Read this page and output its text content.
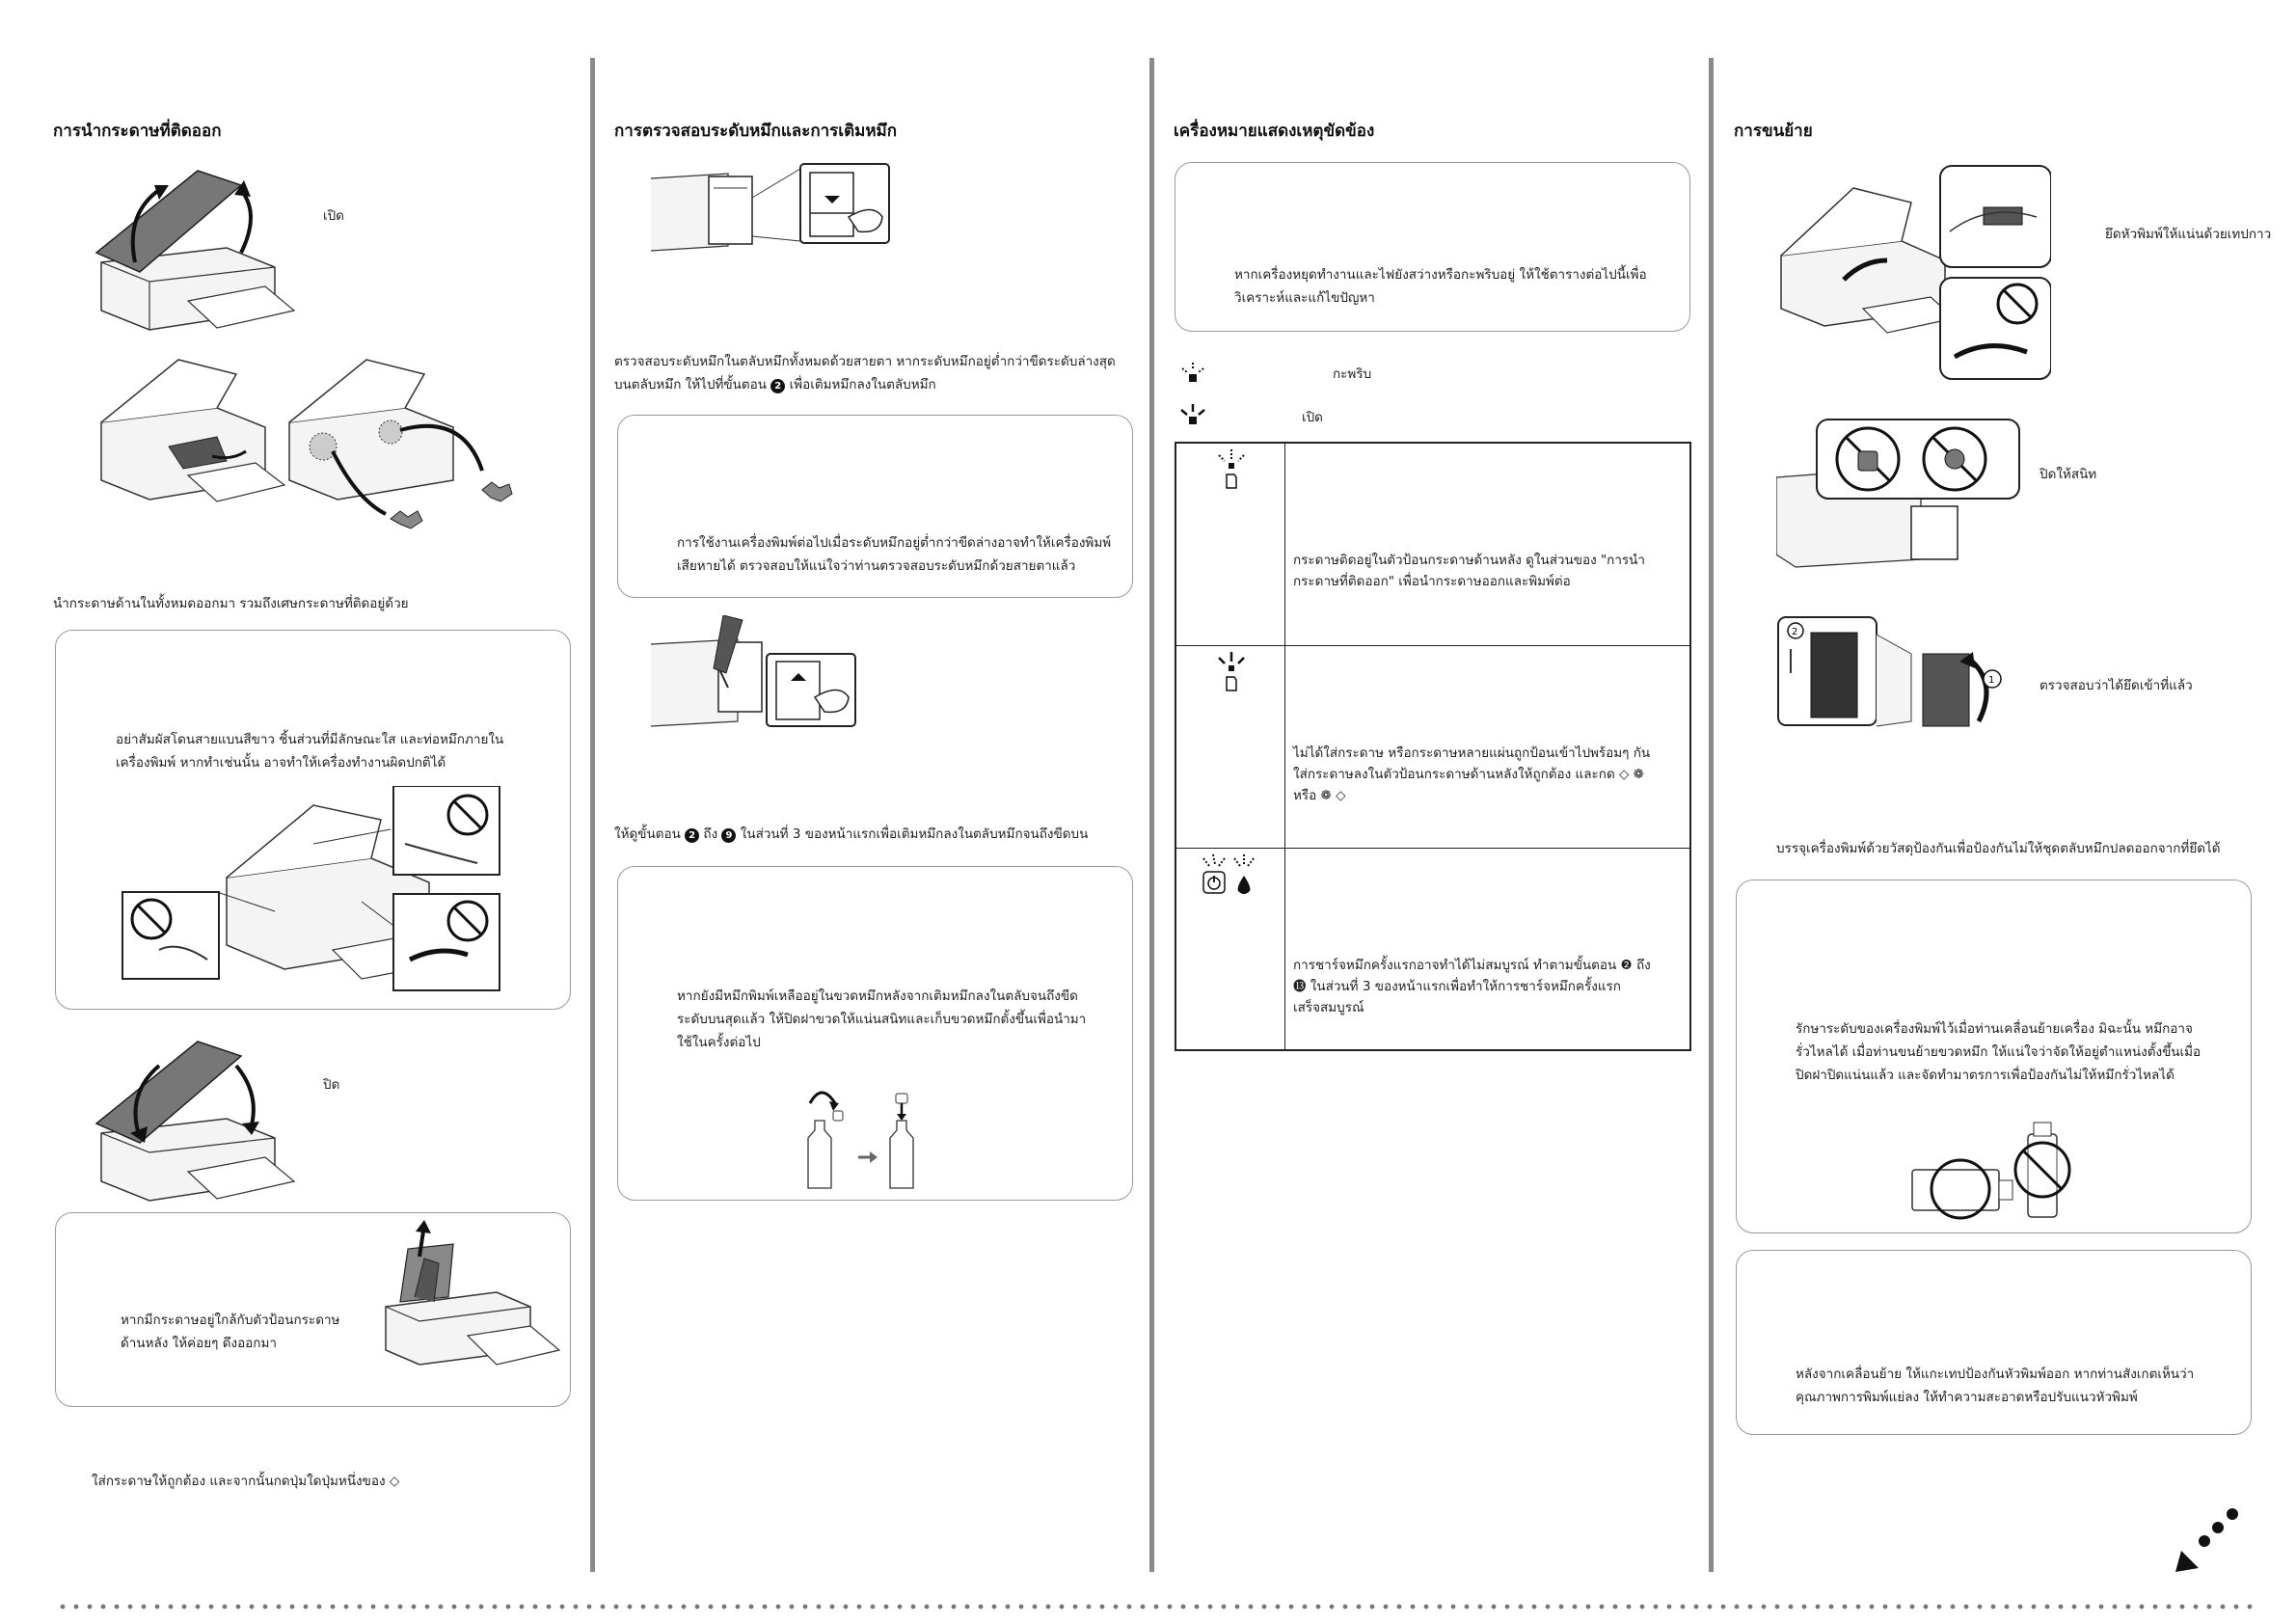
การนำกระดาษที่ติดออก
เปิด
นำกระดาษด้านในทั้งหมดออกมา รวมถึงเศษกระดาษที่ติดอยู่ด้วย
อย่าสัมผัสโดนสายแบนสีขาว ชิ้นส่วนที่มีลักษณะใส และท่อหมึกภายใน
เครื่องพิมพ์ หากทำเช่นนั้น อาจทำให้เครื่องทำงานผิดปกติได้
ปิด
หากมีกระดาษอยู่ใกล้กับตัวป้อนกระดาษ
ด้านหลัง ให้ค่อยๆ ดึงออกมา
ใส่กระดาษให้ถูกต้อง และจากนั้นกดปุ่มใดปุ่มหนึ่งของ ◇
การตรวจสอบระดับหมึกและการเติมหมึก
ตรวจสอบระดับหมึกในตลับหมึกทั้งหมดด้วยสายตา หากระดับหมึกอยู่ต่ำกว่าขีดระดับล่างสุด
บนตลับหมึก ให้ไปที่ขั้นตอน 2 เพื่อเติมหมึกลงในตลับหมึก
การใช้งานเครื่องพิมพ์ต่อไปเมื่อระดับหมึกอยู่ต่ำกว่าขีดล่างอาจทำให้เครื่องพิมพ์
เสียหายได้ ตรวจสอบให้แน่ใจว่าท่านตรวจสอบระดับหมึกด้วยสายตาแล้ว
ให้ดูขั้นตอน 2 ถึง 9 ในส่วนที่ 3 ของหน้าแรกเพื่อเติมหมึกลงในตลับหมึกจนถึงขีดบน
หากยังมีหมึกพิมพ์เหลืออยู่ในขวดหมึกหลังจากเติมหมึกลงในตลับจนถึงขีด
ระดับบนสุดแล้ว ให้ปิดฝาขวดให้แน่นสนิทและเก็บขวดหมึกตั้งขึ้นเพื่อนำมา
ใช้ในครั้งต่อไป
เครื่องหมายแสดงเหตุขัดข้อง
หากเครื่องหยุดทำงานและไฟยังสว่างหรือกะพริบอยู่ ให้ใช้ตารางต่อไปนี้เพื่อ
วิเคราะห์และแก้ไขปัญหา
กะพริบ
เปิด

กระดาษติดอยู่ในตัวป้อนกระดาษด้านหลัง ดูในส่วนของ "การนำ
กระดาษที่ติดออก" เพื่อนำกระดาษออกและพิมพ์ต่อ

ไม่ได้ใส่กระดาษ หรือกระดาษหลายแผ่นถูกป้อนเข้าไปพร้อมๆ กัน
ใส่กระดาษลงในตัวป้อนกระดาษด้านหลังให้ถูกต้อง และกด ◇ ❁
หรือ ❁ ◇

การชาร์จหมึกครั้งแรกอาจทำได้ไม่สมบูรณ์ ทำตามขั้นตอน ❷ ถึง
⓭ ในส่วนที่ 3 ของหน้าแรกเพื่อทำให้การชาร์จหมึกครั้งแรก
เสร็จสมบูรณ์
การขนย้าย
ยึดหัวพิมพ์ให้แน่นด้วยเทปกาว
ปิดให้สนิท
2
1	ตรวจสอบว่าได้ยึดเข้าที่แล้ว
บรรจุเครื่องพิมพ์ด้วยวัสดุป้องกันเพื่อป้องกันไม่ให้ชุดตลับหมึกปลดออกจากที่ยึดได้
รักษาระดับของเครื่องพิมพ์ไว้เมื่อท่านเคลื่อนย้ายเครื่อง มิฉะนั้น หมึกอาจ
รั่วไหลได้ เมื่อท่านขนย้ายขวดหมึก ให้แน่ใจว่าจัดให้อยู่ตำแหน่งตั้งขึ้นเมื่อ
ปิดฝาปิดแน่นแล้ว และจัดทำมาตรการเพื่อป้องกันไม่ให้หมึกรั่วไหลได้
หลังจากเคลื่อนย้าย ให้แกะเทปป้องกันหัวพิมพ์ออก หากท่านสังเกตเห็นว่า
คุณภาพการพิมพ์แย่ลง ให้ทำความสะอาดหรือปรับแนวหัวพิมพ์
